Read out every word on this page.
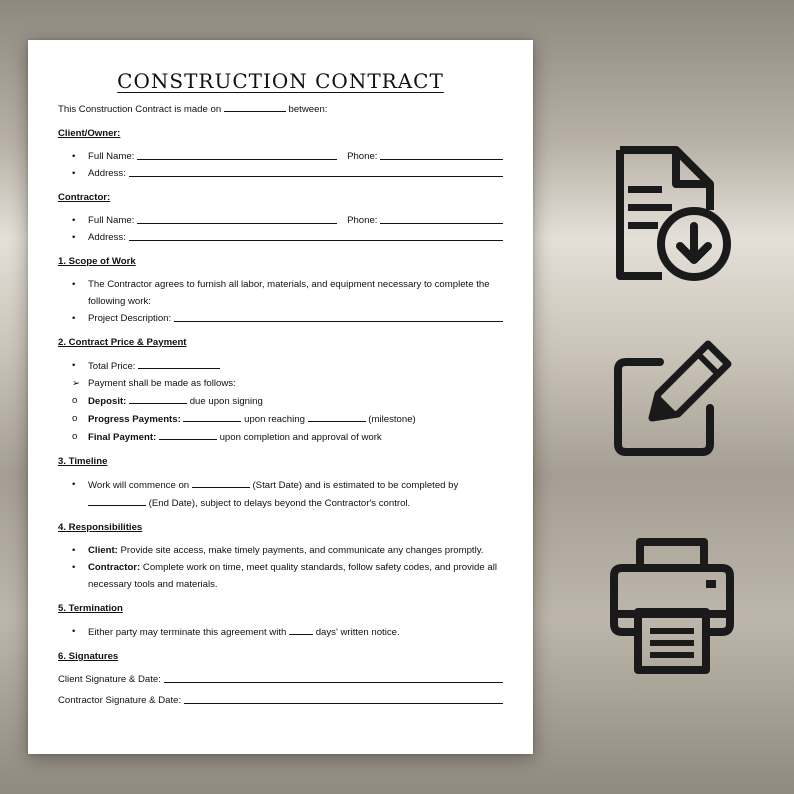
CONSTRUCTION CONTRACT

This Construction Contract is made on	between:

Client/Owner:
•	Full Name:
	Phone:

•	Address:

Contractor:
•	Full Name:
	Phone:

•	Address:

1. Scope of Work
•	The Contractor agrees to furnish all labor, materials, and equipment necessary to complete the following work:
•	Project Description:

2. Contract Price & Payment
•	Total Price:
➢ Payment shall be made as follows:
o	Deposit:	due upon signing
o	Progress Payments:	upon reaching	(milestone)
o	Final Payment:	upon completion and approval of work
3. Timeline
•	Work will commence on	(Start Date) and is estimated to be completed by
(End Date), subject to delays beyond the Contractor's control.
4. Responsibilities
•	Client: Provide site access, make timely payments, and communicate any changes promptly.
•	Contractor: Complete work on time, meet quality standards, follow safety codes, and provide all necessary tools and materials.
5. Termination
•	Either party may terminate this agreement with	days' written notice.
6. Signatures
Client Signature & Date:

Contractor Signature & Date:
